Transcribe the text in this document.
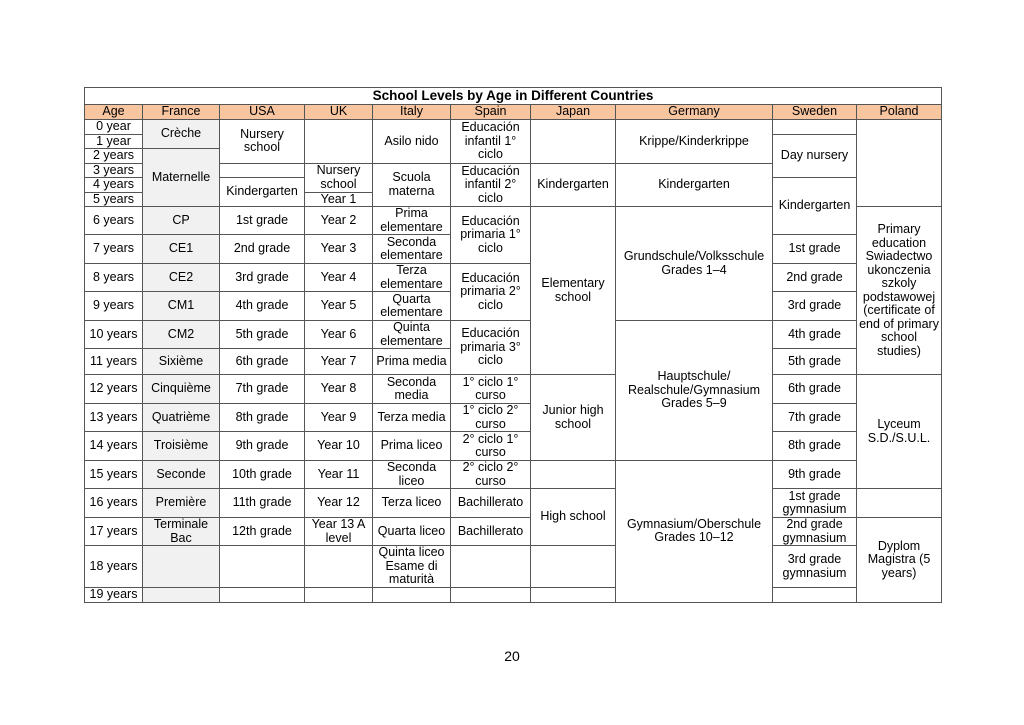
School Levels by Age in Different Countries									
Age	France	USA	UK	Italy	Spain	Japan	Germany	Sweden	Poland
0 year	Crèche	Nursery school		Asilo nido	Educación infantil 1° ciclo		Krippe/Kinderkrippe		
1 year								Day nursery	
2 years	Maternelle								
3 years			Nursery school	Scuola materna	Educación infantil 2° ciclo	Kindergarten	Kindergarten		
4 years		Kindergarten						Kindergarten	
5 years			Year 1						
6 years	CP	1st grade	Year 2	Prima elementare	Educación primaria 1° ciclo	Elementary school	Grundschule/Volksschule Grades 1–4		Primary education Swiadectwo ukonczenia szkoly podstawowej (certificate of end of primary school studies)
7 years	CE1	2nd grade	Year 3	Seconda elementare				1st grade	
8 years	CE2	3rd grade	Year 4	Terza elementare	Educación primaria 2° ciclo			2nd grade	
9 years	CM1	4th grade	Year 5	Quarta elementare				3rd grade	
10 years	CM2	5th grade	Year 6	Quinta elementare	Educación primaria 3° ciclo		Hauptschule/ Realschule/Gymnasium Grades 5–9	4th grade	
11 years	Sixième	6th grade	Year 7	Prima media				5th grade	
12 years	Cinquième	7th grade	Year 8	Seconda media	1° ciclo 1° curso	Junior high school		6th grade	Lyceum S.D./S.U.L.
13 years	Quatrième	8th grade	Year 9	Terza media	1° ciclo 2° curso			7th grade	
14 years	Troisième	9th grade	Year 10	Prima liceo	2° ciclo 1° curso			8th grade	
15 years	Seconde	10th grade	Year 11	Seconda liceo	2° ciclo 2° curso		Gymnasium/Oberschule Grades 10–12	9th grade	
16 years	Première	11th grade	Year 12	Terza liceo	Bachillerato	High school		1st grade gymnasium	
17 years	Terminale Bac	12th grade	Year 13 A level	Quarta liceo	Bachillerato			2nd grade gymnasium	Dyplom Magistra (5 years)
18 years				Quinta liceo Esame di maturità				3rd grade gymnasium	
19 years									
20
